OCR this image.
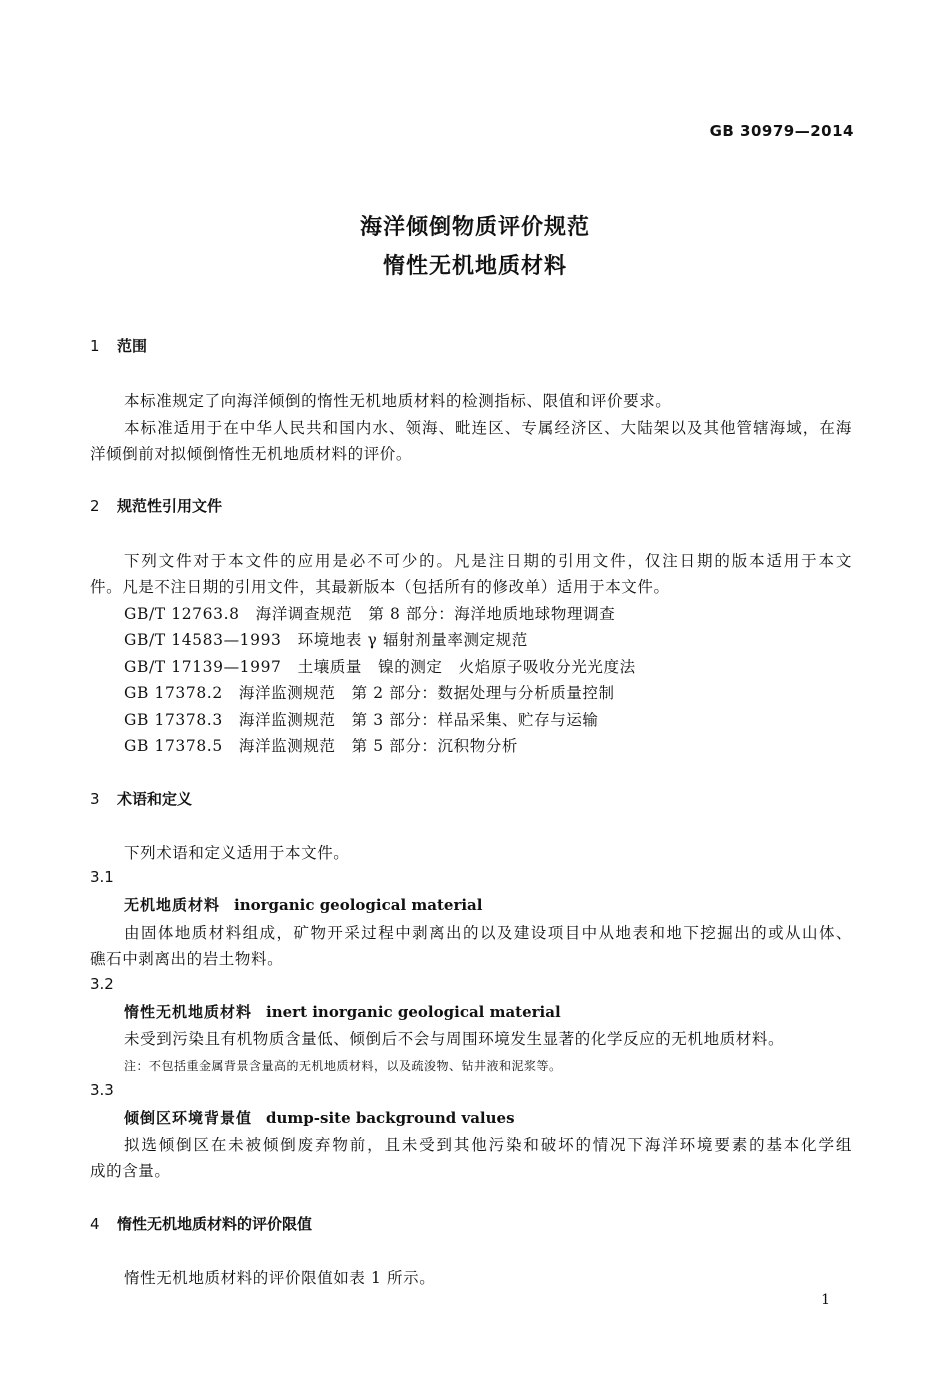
GB 30979—2014
海洋倾倒物质评价规范
惰性无机地质材料
1 范围
本标准规定了向海洋倾倒的惰性无机地质材料的检测指标、限值和评价要求。
本标准适用于在中华人民共和国内水、领海、毗连区、专属经济区、大陆架以及其他管辖海域，在海
洋倾倒前对拟倾倒惰性无机地质材料的评价。
2 规范性引用文件
下列文件对于本文件的应用是必不可少的。凡是注日期的引用文件，仅注日期的版本适用于本文
件。凡是不注日期的引用文件，其最新版本（包括所有的修改单）适用于本文件。
GB/T 12763.8　 海洋调查规范　第 8 部分：海洋地质地球物理调查
GB/T 14583—1993　 环境地表 γ 辐射剂量率测定规范
GB/T 17139—1997　 土壤质量　镍的测定　火焰原子吸收分光光度法
GB 17378.2　 海洋监测规范　第 2 部分：数据处理与分析质量控制
GB 17378.3　 海洋监测规范　第 3 部分：样品采集、贮存与运输
GB 17378.5　 海洋监测规范　第 5 部分：沉积物分析
3 术语和定义
下列术语和定义适用于本文件。
3.1
无机地质材料 inorganic geological material
由固体地质材料组成，矿物开采过程中剥离出的以及建设项目中从地表和地下挖掘出的或从山体、
礁石中剥离出的岩土物料。
3.2
惰性无机地质材料 inert inorganic geological material
未受到污染且有机物质含量低、倾倒后不会与周围环境发生显著的化学反应的无机地质材料。
注：不包括重金属背景含量高的无机地质材料，以及疏浚物、钻井液和泥浆等。
3.3
倾倒区环境背景值 dump-site background values
拟选倾倒区在未被倾倒废弃物前，且未受到其他污染和破坏的情况下海洋环境要素的基本化学组
成的含量。
4 惰性无机地质材料的评价限值
惰性无机地质材料的评价限值如表 1 所示。
1
